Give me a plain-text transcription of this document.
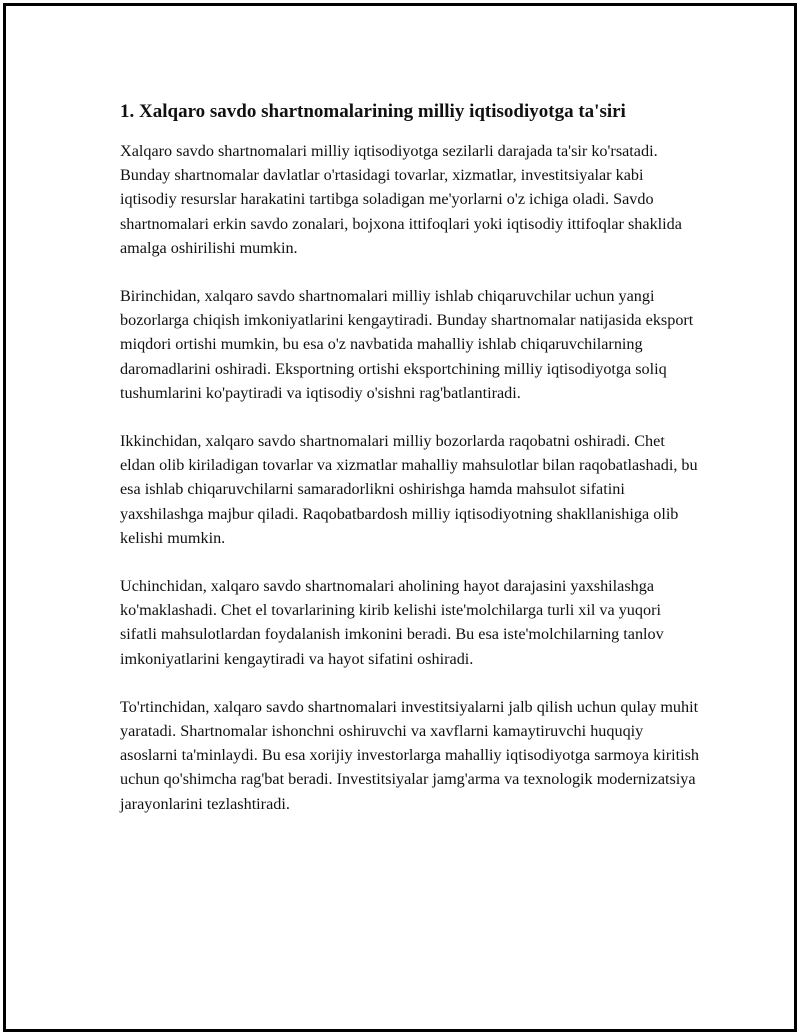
1. Xalqaro savdo shartnomalarining milliy iqtisodiyotga ta'siri

Xalqaro savdo shartnomalari milliy iqtisodiyotga sezilarli darajada ta'sir ko'rsatadi. Bunday shartnomalar davlatlar o'rtasidagi tovarlar, xizmatlar, investitsiyalar kabi iqtisodiy resurslar harakatini tartibga soladigan me'yorlarni o'z ichiga oladi. Savdo shartnomalari erkin savdo zonalari, bojxona ittifoqlari yoki iqtisodiy ittifoqlar shaklida amalga oshirilishi mumkin.

Birinchidan, xalqaro savdo shartnomalari milliy ishlab chiqaruvchilar uchun yangi bozorlarga chiqish imkoniyatlarini kengaytiradi. Bunday shartnomalar natijasida eksport miqdori ortishi mumkin, bu esa o'z navbatida mahalliy ishlab chiqaruvchilarning daromadlarini oshiradi. Eksportning ortishi eksportchining milliy iqtisodiyotga soliq tushumlarini ko'paytiradi va iqtisodiy o'sishni rag'batlantiradi.

Ikkinchidan, xalqaro savdo shartnomalari milliy bozorlarda raqobatni oshiradi. Chet eldan olib kiriladigan tovarlar va xizmatlar mahalliy mahsulotlar bilan raqobatlashadi, bu esa ishlab chiqaruvchilarni samaradorlikni oshirishga hamda mahsulot sifatini yaxshilashga majbur qiladi. Raqobatbardosh milliy iqtisodiyotning shakllanishiga olib kelishi mumkin.

Uchinchidan, xalqaro savdo shartnomalari aholining hayot darajasini yaxshilashga ko'maklashadi. Chet el tovarlarining kirib kelishi iste'molchilarga turli xil va yuqori sifatli mahsulotlardan foydalanish imkonini beradi. Bu esa iste'molchilarning tanlov imkoniyatlarini kengaytiradi va hayot sifatini oshiradi.

To'rtinchidan, xalqaro savdo shartnomalari investitsiyalarni jalb qilish uchun qulay muhit yaratadi. Shartnomalar ishonchni oshiruvchi va xavflarni kamaytiruvchi huquqiy asoslarni ta'minlaydi. Bu esa xorijiy investorlarga mahalliy iqtisodiyotga sarmoya kiritish uchun qo'shimcha rag'bat beradi. Investitsiyalar jamg'arma va texnologik modernizatsiya jarayonlarini tezlashtiradi.
